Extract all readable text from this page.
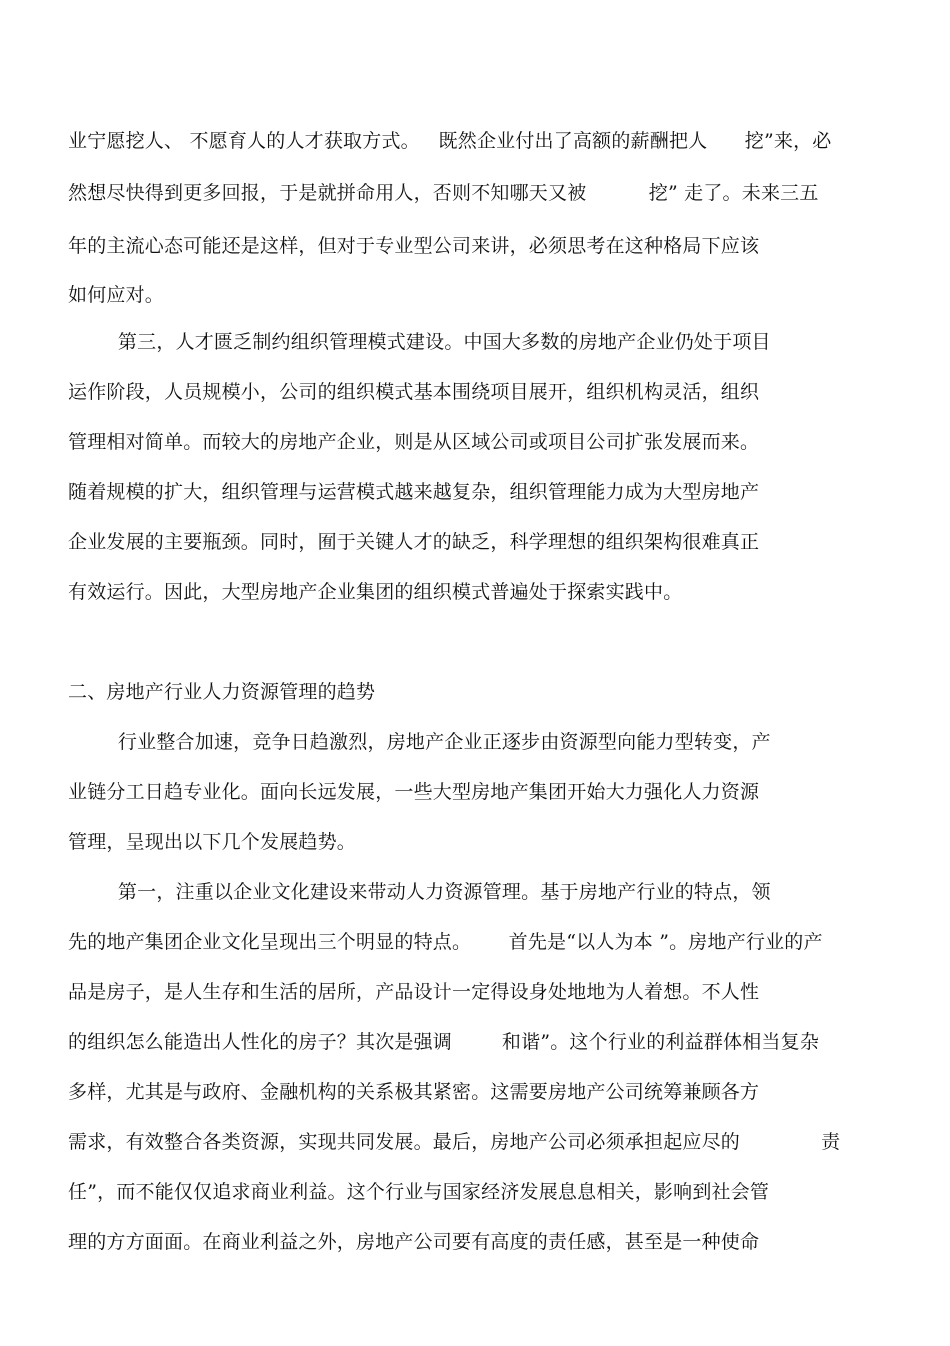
业宁愿挖人、 不愿育人的人才获取方式。   既然企业付出了高额的薪酬把人      挖”来，必
然想尽快得到更多回报，于是就拼命用人，否则不知哪天又被          挖” 走了。未来三五
年的主流心态可能还是这样，但对于专业型公司来讲，必须思考在这种格局下应该
如何应对。
第三，人才匮乏制约组织管理模式建设。中国大多数的房地产企业仍处于项目
运作阶段，人员规模小，公司的组织模式基本围绕项目展开，组织机构灵活，组织
管理相对简单。而较大的房地产企业，则是从区域公司或项目公司扩张发展而来。
随着规模的扩大，组织管理与运营模式越来越复杂，组织管理能力成为大型房地产
企业发展的主要瓶颈。同时，囿于关键人才的缺乏，科学理想的组织架构很难真正
有效运行。因此，大型房地产企业集团的组织模式普遍处于探索实践中。
二、房地产行业人力资源管理的趋势
行业整合加速，竞争日趋激烈，房地产企业正逐步由资源型向能力型转变，产
业链分工日趋专业化。面向长远发展，一些大型房地产集团开始大力强化人力资源
管理，呈现出以下几个发展趋势。
第一，注重以企业文化建设来带动人力资源管理。基于房地产行业的特点，领
先的地产集团企业文化呈现出三个明显的特点。      首先是“以人为本 ”。房地产行业的产
品是房子，是人生存和生活的居所，产品设计一定得设身处地地为人着想。不人性
的组织怎么能造出人性化的房子？其次是强调        和谐”。这个行业的利益群体相当复杂
多样，尤其是与政府、金融机构的关系极其紧密。这需要房地产公司统筹兼顾各方
需求，有效整合各类资源，实现共同发展。最后，房地产公司必须承担起应尽的             责
任”，而不能仅仅追求商业利益。这个行业与国家经济发展息息相关，影响到社会管
理的方方面面。在商业利益之外，房地产公司要有高度的责任感，甚至是一种使命
